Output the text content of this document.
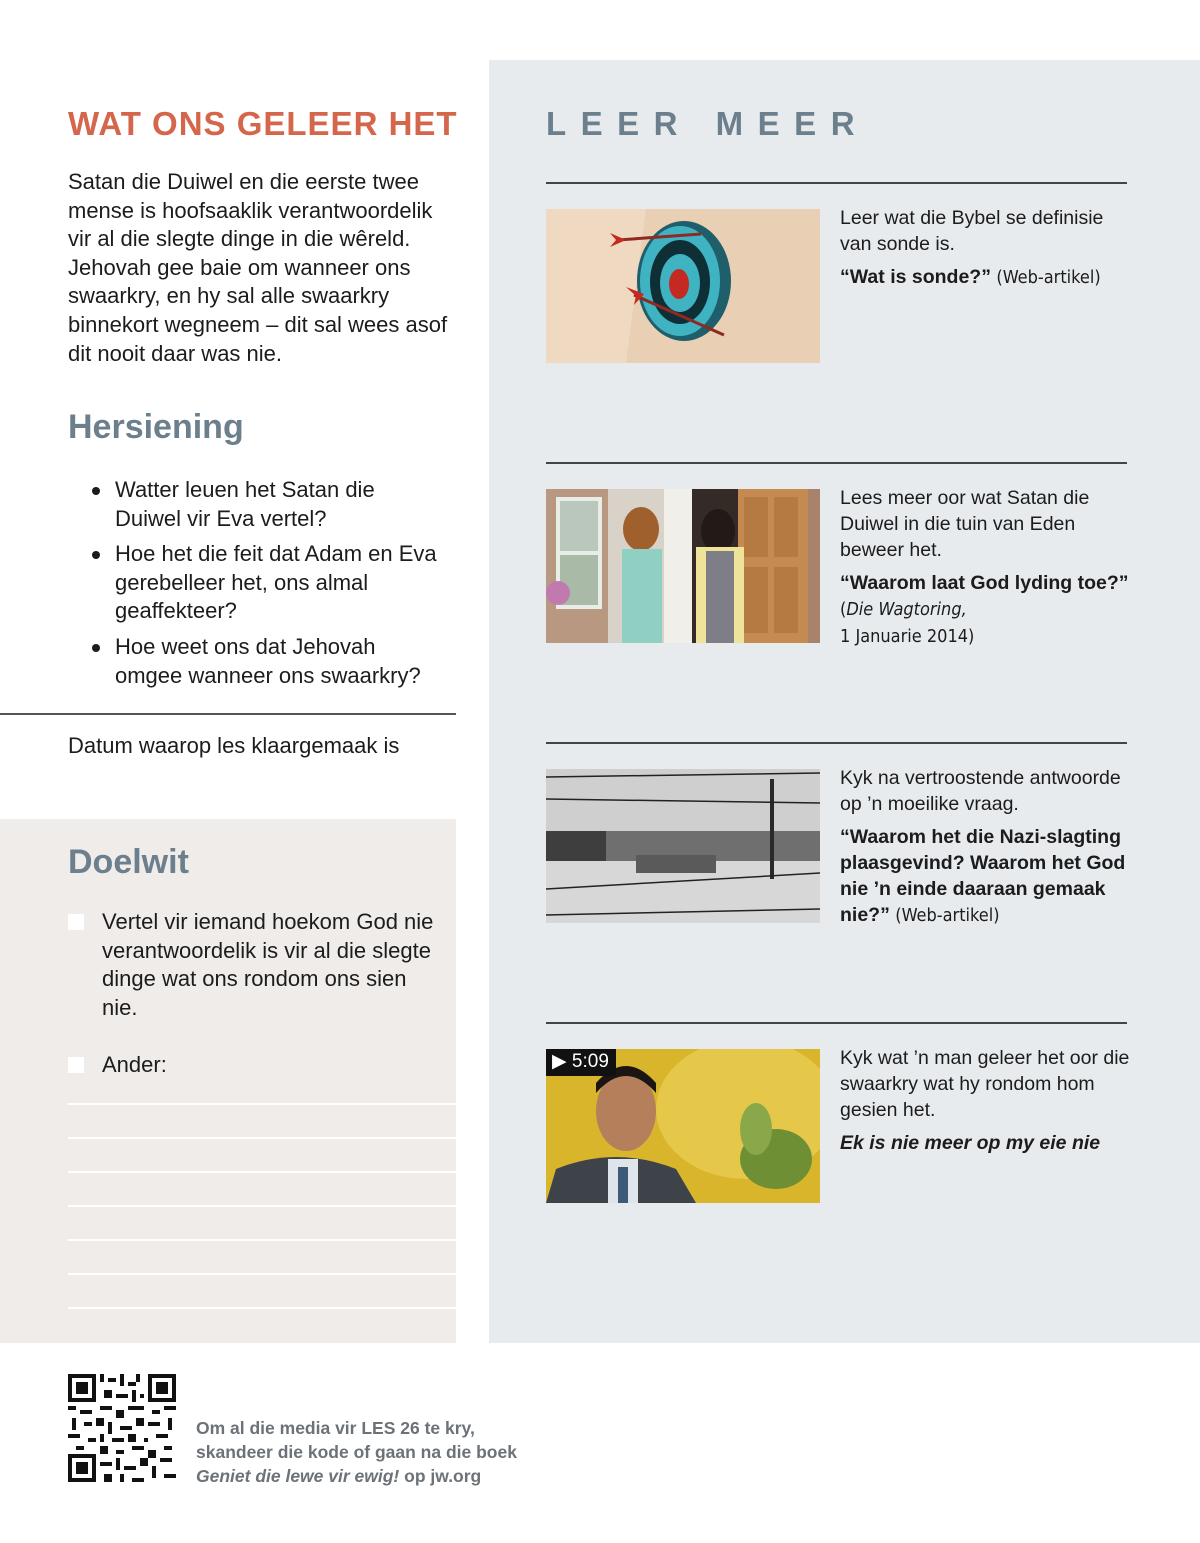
WAT ONS GELEER HET

Satan die Duiwel en die eerste twee mense is hoofsaaklik verantwoordelik vir al die slegte dinge in die wêreld. Jehovah gee baie om wanneer ons swaarkry, en hy sal alle swaarkry binnekort wegneem – dit sal wees asof dit nooit daar was nie.

Hersiening
Watter leuen het Satan die Duiwel vir Eva vertel?
Hoe het die feit dat Adam en Eva gerebelleer het, ons almal geaffekteer?
Hoe weet ons dat Jehovah omgee wanneer ons swaarkry?
Datum waarop les klaargemaak is
Doelwit
Vertel vir iemand hoekom God nie verantwoordelik is vir al die slegte dinge wat ons rondom ons sien nie.
Ander:
LEER MEER
Leer wat die Bybel se definisie van sonde is.
“Wat is sonde?” (Web-artikel)
Lees meer oor wat Satan die Duiwel in die tuin van Eden beweer het.
“Waarom laat God lyding toe?” (Die Wagtoring,
1 Januarie 2014)
Kyk na vertroostende antwoorde op ’n moeilike vraag.
“Waarom het die Nazi-slagting plaasgevind? Waarom het God nie ’n einde daaraan gemaak nie?” (Web-artikel)
▶ 5:09	Kyk wat ’n man geleer het oor die swaarkry wat hy rondom hom gesien het.
Ek is nie meer op my eie nie
Om al die media vir LES 26 te kry,
skandeer die kode of gaan na die boek
Geniet die lewe vir ewig! op jw.org
